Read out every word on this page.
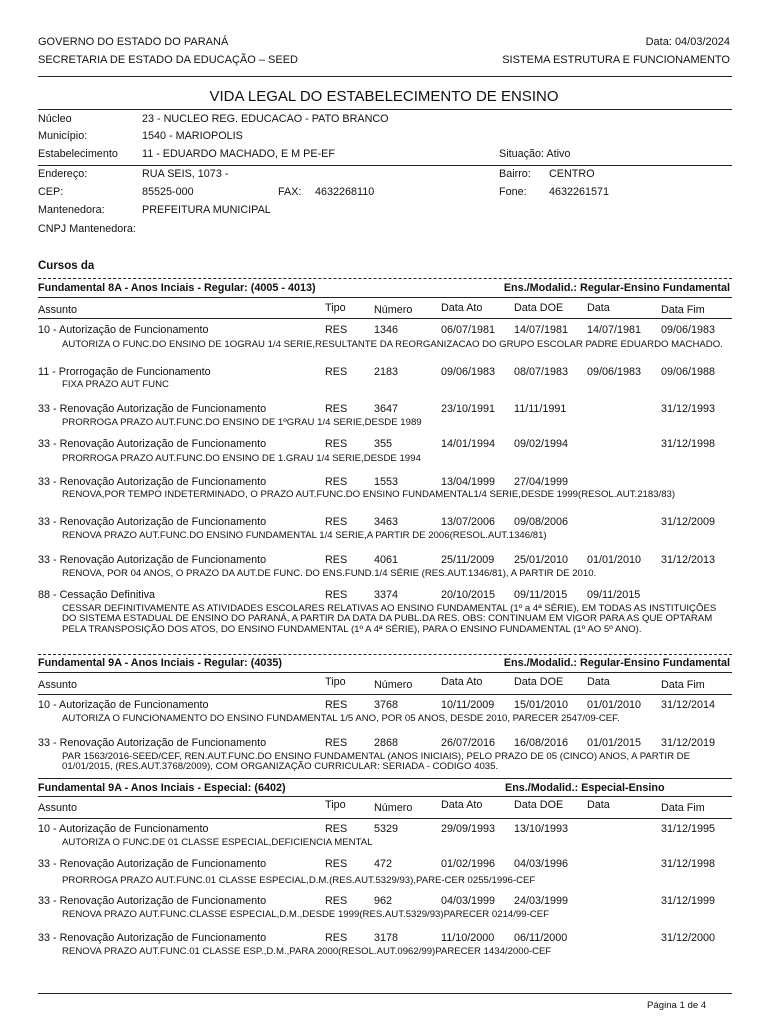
GOVERNO DO ESTADO DO PARANÁ
SECRETARIA DE ESTADO DA EDUCAÇÃO – SEED
Data: 04/03/2024
SISTEMA ESTRUTURA E FUNCIONAMENTO
VIDA LEGAL DO ESTABELECIMENTO DE ENSINO
Núcleo	23 - NUCLEO REG. EDUCACAO - PATO BRANCO
Município:	1540 - MARIOPOLIS
Estabelecimento 11 - EDUARDO MACHADO, E M PE-EF	Situação: Ativo
Endereço:	RUA SEIS, 1073 -	Bairro: CENTRO
CEP:	85525-000	FAX: 4632268110	Fone: 4632261571
Mantenedora:	PREFEITURA MUNICIPAL
CNPJ Mantenedora:
Cursos da
Fundamental 8A - Anos Inciais - Regular: (4005 - 4013)	Ens./Modalid.: Regular-Ensino Fundamental
Assunto	Tipo	Número	Data Ato	Data DOE Data	Data Fim
10 - Autorização de Funcionamento	RES 1346	06/07/1981 14/07/1981 14/07/1981 09/06/1983
AUTORIZA O FUNC.DO ENSINO DE 1OGRAU 1/4 SERIE,RESULTANTE DA REORGANIZACAO DO GRUPO ESCOLAR PADRE EDUARDO MACHADO.
11 - Prorrogação de Funcionamento	RES 2183	09/06/1983 08/07/1983 09/06/1983 09/06/1988
FIXA PRAZO AUT FUNC
33 - Renovação Autorização de Funcionamento	RES 3647	23/10/1991 11/11/1991	31/12/1993
PRORROGA PRAZO AUT.FUNC.DO ENSINO DE 1ºGRAU 1/4 SERIE,DESDE 1989
33 - Renovação Autorização de Funcionamento	RES 355	14/01/1994 09/02/1994	31/12/1998
PRORROGA PRAZO AUT.FUNC.DO ENSINO DE 1.GRAU 1/4 SERIE,DESDE 1994
33 - Renovação Autorização de Funcionamento	RES 1553	13/04/1999 27/04/1999
RENOVA,POR TEMPO INDETERMINADO, O PRAZO AUT.FUNC.DO ENSINO FUNDAMENTAL1/4 SERIE,DESDE 1999(RESOL.AUT.2183/83)
33 - Renovação Autorização de Funcionamento	RES 3463	13/07/2006 09/08/2006	31/12/2009
RENOVA PRAZO AUT.FUNC.DO ENSINO FUNDAMENTAL 1/4 SERIE,A PARTIR DE 2006(RESOL.AUT.1346/81)
33 - Renovação Autorização de Funcionamento	RES 4061	25/11/2009 25/01/2010 01/01/2010 31/12/2013
RENOVA, POR 04 ANOS, O PRAZO DA AUT.DE FUNC. DO ENS.FUND.1/4 SÉRIE (RES.AUT.1346/81), A PARTIR DE 2010.
88 - Cessação Definitiva	RES 3374	20/10/2015 09/11/2015 09/11/2015
CESSAR DEFINITIVAMENTE AS ATIVIDADES ESCOLARES RELATIVAS AO ENSINO FUNDAMENTAL (1º a 4ª SÉRIE), EM TODAS AS INSTITUIÇÕES DO SISTEMA ESTADUAL DE ENSINO DO PARANÁ, A PARTIR DA DATA DA PUBL.DA RES. OBS: CONTINUAM EM VIGOR PARA AS QUE OPTARAM PELA TRANSPOSIÇÃO DOS ATOS, DO ENSINO FUNDAMENTAL (1º A 4ª SÉRIE), PARA O ENSINO FUNDAMENTAL (1º AO 5º ANO).
Fundamental 9A - Anos Inciais - Regular: (4035)	Ens./Modalid.: Regular-Ensino Fundamental
Assunto	Tipo	Número	Data Ato	Data DOE Data	Data Fim
10 - Autorização de Funcionamento	RES 3768	10/11/2009 15/01/2010 01/01/2010 31/12/2014
AUTORIZA O FUNCIONAMENTO DO ENSINO FUNDAMENTAL 1/5 ANO, POR 05 ANOS, DESDE 2010, PARECER 2547/09-CEF.
33 - Renovação Autorização de Funcionamento	RES 2868	26/07/2016 16/08/2016 01/01/2015 31/12/2019
PAR 1563/2016-SEED/CEF, REN.AUT.FUNC.DO ENSINO FUNDAMENTAL (ANOS INICIAIS), PELO PRAZO DE 05 (CINCO) ANOS, A PARTIR DE 01/01/2015, (RES.AUT.3768/2009), COM ORGANIZAÇÃO CURRICULAR: SERIADA - CODIGO 4035.
Fundamental 9A - Anos Inciais - Especial: (6402)	Ens./Modalid.: Especial-Ensino
Assunto	Tipo	Número	Data Ato	Data DOE Data	Data Fim
10 - Autorização de Funcionamento	RES 5329	29/09/1993 13/10/1993	31/12/1995
AUTORIZA O FUNC.DE 01 CLASSE ESPECIAL,DEFICIENCIA MENTAL
33 - Renovação Autorização de Funcionamento	RES 472	01/02/1996 04/03/1996	31/12/1998
PRORROGA PRAZO AUT.FUNC.01 CLASSE ESPECIAL,D.M.(RES.AUT.5329/93),PARE-CER 0255/1996-CEF
33 - Renovação Autorização de Funcionamento	RES 962	04/03/1999 24/03/1999	31/12/1999
RENOVA PRAZO AUT.FUNC.CLASSE ESPECIAL,D.M.,DESDE 1999(RES.AUT.5329/93)PARECER 0214/99-CEF
33 - Renovação Autorização de Funcionamento	RES 3178	11/10/2000 06/11/2000	31/12/2000
RENOVA PRAZO AUT.FUNC.01 CLASSE ESP.,D.M.,PARA 2000(RESOL.AUT.0962/99)PARECER 1434/2000-CEF
Página 1 de 4
